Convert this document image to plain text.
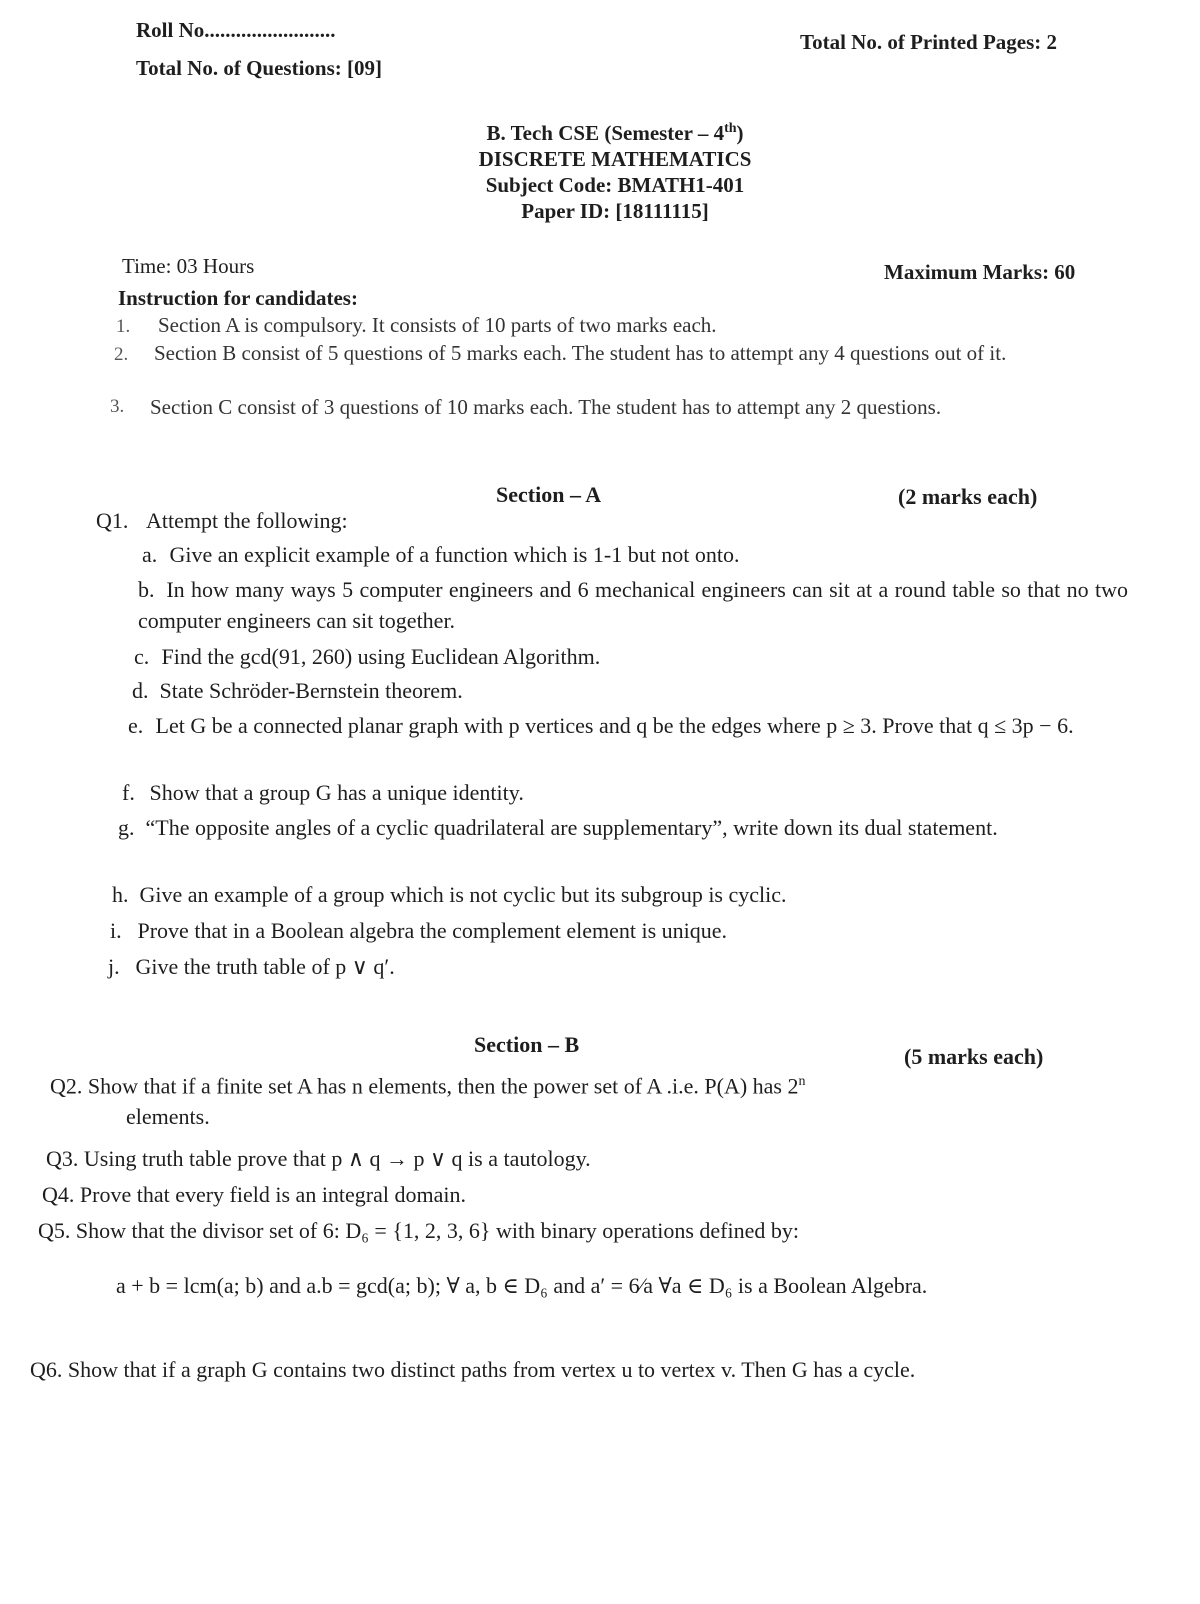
Roll No.........................
Total No. of Questions: [09]
Total No. of Printed Pages: 2
B. Tech CSE (Semester – 4th)
DISCRETE MATHEMATICS
Subject Code: BMATH1-401
Paper ID: [18111115]
Time: 03 Hours	Maximum Marks: 60
Instruction for candidates:
1. Section A is compulsory. It consists of 10 parts of two marks each.
2. Section B consist of 5 questions of 5 marks each. The student has to attempt any 4 questions out of it.
3. Section C consist of 3 questions of 10 marks each. The student has to attempt any 2 questions.
Section – A	(2 marks each)
Q1. Attempt the following:
a. Give an explicit example of a function which is 1-1 but not onto.
b. In how many ways 5 computer engineers and 6 mechanical engineers can sit at a round table so that no two computer engineers can sit together.
c. Find the gcd(91, 260) using Euclidean Algorithm.
d. State Schröder-Bernstein theorem.
e. Let G be a connected planar graph with p vertices and q be the edges where p ≥ 3. Prove that q ≤ 3p − 6.
f. Show that a group G has a unique identity.
g. “The opposite angles of a cyclic quadrilateral are supplementary”, write down its dual statement.
h. Give an example of a group which is not cyclic but its subgroup is cyclic.
i. Prove that in a Boolean algebra the complement element is unique.
j. Give the truth table of p ∨ q′.
Section – B	(5 marks each)
Q2. Show that if a finite set A has n elements, then the power set of A .i.e. P(A) has 2$^n$
elements.
Q3. Using truth table prove that p ∧ q → p ∨ q is a tautology.
Q4. Prove that every field is an integral domain.
Q5. Show that the divisor set of 6: D₆ = {1, 2, 3, 6} with binary operations defined by:
a + b = lcm(a; b) and a.b = gcd(a; b); ∀ a, b ∈ D₆ and a′ = 6⁄a ∀a ∈ D₆ is a Boolean Algebra.
Q6. Show that if a graph G contains two distinct paths from vertex u to vertex v. Then G has a cycle.
